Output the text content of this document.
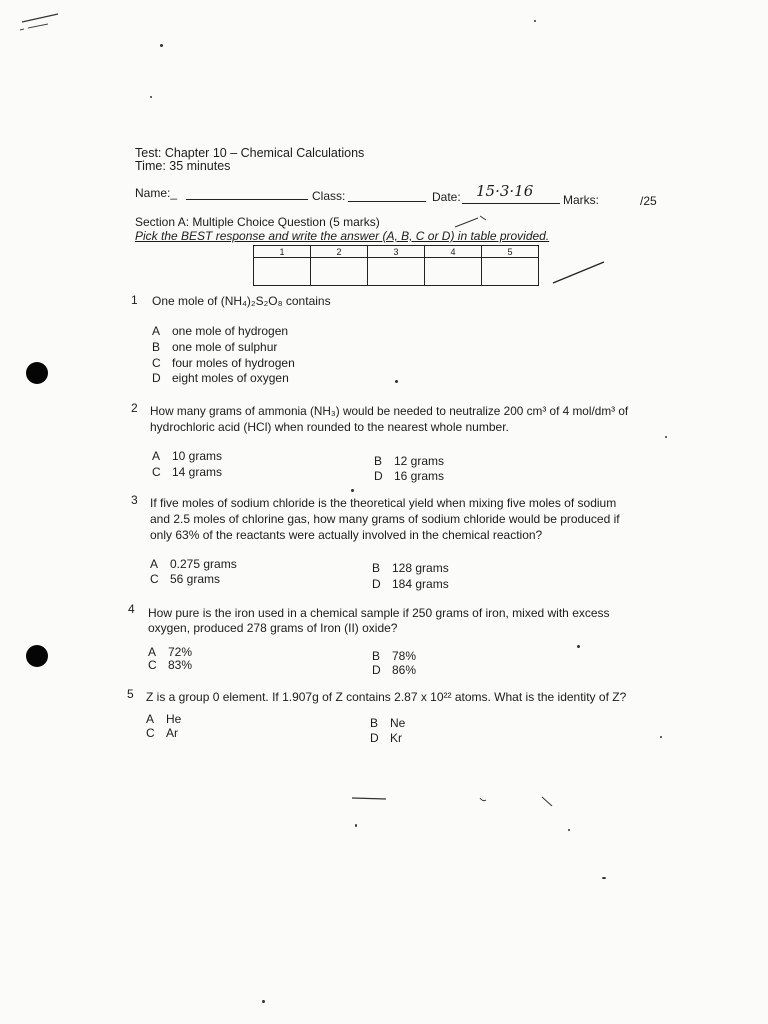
Test: Chapter 10 – Chemical Calculations
Time: 35 minutes
Name:_	Class:	Date: 15·3·16 Marks:	/25
Section A: Multiple Choice Question (5 marks)
Pick the BEST response and write the answer (A, B, C or D) in table provided.
1	2	3	4	5

1 One mole of (NH₄)₂S₂O₈ contains
A one mole of hydrogen
B one mole of sulphur
C four moles of hydrogen
D eight moles of oxygen
2 How many grams of ammonia (NH₃) would be needed to neutralize 200 cm³ of 4 mol/dm³ of
hydrochloric acid (HCl) when rounded to the nearest whole number.
A 10 grams	B 12 grams
C 14 grams	D 16 grams
3 If five moles of sodium chloride is the theoretical yield when mixing five moles of sodium
and 2.5 moles of chlorine gas, how many grams of sodium chloride would be produced if
only 63% of the reactants were actually involved in the chemical reaction?
A 0.275 grams	B 128 grams
C 56 grams	D 184 grams
4 How pure is the iron used in a chemical sample if 250 grams of iron, mixed with excess
oxygen, produced 278 grams of Iron (II) oxide?
A 72%	B 78%
C 83%	D 86%
5 Z is a group 0 element. If 1.907g of Z contains 2.87 x 10²² atoms. What is the identity of Z?
A He	B Ne
C Ar	D Kr
